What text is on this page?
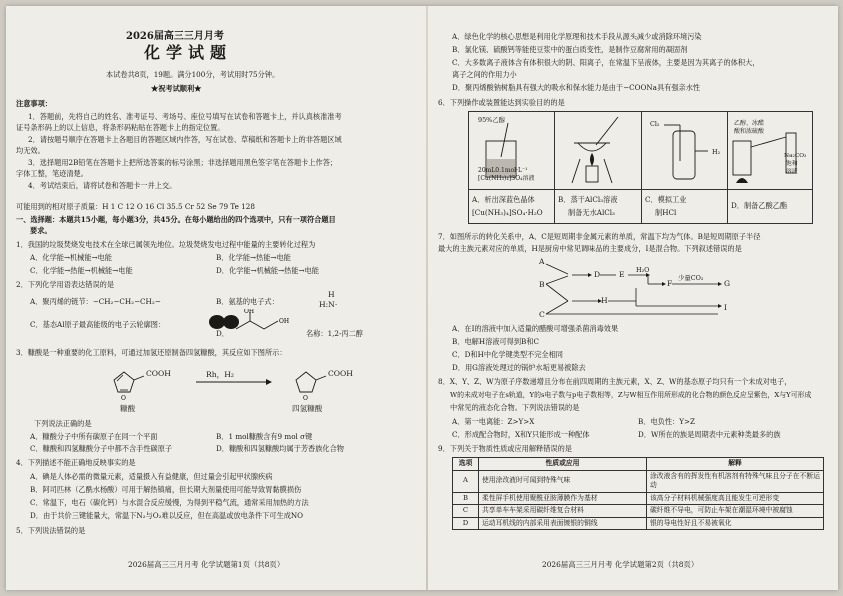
2026届高三三月月考
化学试题
本试卷共8页，19题。满分100分，考试用时75分钟。
★祝考试顺利★
注意事项：
1．答题前，先将自己的姓名、准考证号、考场号、座位号填写在试卷和答题卡上，并认真核准准考
证号条形码上的以上信息，将条形码粘贴在答题卡上的指定位置。
2．请按题号顺序在答题卡上各题目的答题区域内作答，写在试卷、草稿纸和答题卡上的非答题区域
均无效。
3．选择题用2B铅笔在答题卡上把所选答案的标号涂黑；非选择题用黑色签字笔在答题卡上作答；
字体工整，笔迹清楚。
4．考试结束后，请将试卷和答题卡一并上交。
可能用到的相对原子质量：H 1 C 12 O 16 Cl 35.5 Cr 52 Se 79 Te 128
一、选择题：本题共15小题，每小题3分，共45分。在每小题给出的四个选项中，只有一项符合题目
要求。
1．我国的垃圾焚烧发电技术在全球已属领先地位。垃圾焚烧发电过程中能量的主要转化过程为
A．化学能→机械能→电能	B．化学能→热能→电能
C．化学能→热能→机械能→电能	D．化学能→机械能→热能→电能
2．下列化学用语表达错误的是
A．聚丙烯的链节：−CH₂−CH₂−CH₂−	B．氨基的电子式：
H
H:N·
C．基态Al原子最高能级的电子云轮廓图：
D．
OH
OH
名称：1,2-丙二醇
3．糠酸是一种重要的化工原料，可通过加氢还原制备四氢糠酸，其反应如下图所示：
O	O
COOH	Rh，H₂	COOH
糠酸	四氢糠酸
下列说法正确的是
A．糠酸分子中所有碳原子在同一个平面	B．1 mol糠酸含有9 mol σ键
C．糠酸和四氢糠酸分子中都不含手性碳原子	D．糠酸和四氢糠酸均属于芳香族化合物
4．下列描述不能正确地反映事实的是
A．碘是人体必需的微量元素，适量摄入有益健康，但过量会引起甲状腺疾病
B．阿司匹林（乙酰水杨酸）可用于解热镇痛，但长期大剂量使用可能导致胃黏膜损伤
C．常温下，电石（碳化钙）与水混合反应缓慢，为得到平稳气流，通常采用加热的方法
D．由于共价三键能量大，常温下N₂与O₂难以反应，但在高温或放电条件下可生成NO
5．下列说法错误的是
2026届高三三月月考 化学试题第1页（共8页）
A．绿色化学的核心思想是利用化学原理和技术手段从源头减少或消除环境污染
B．氯化镁、硫酸钙等能使豆浆中的蛋白质变性，是制作豆腐常用的凝固剂
C．大多数离子液体含有体积很大的阴、阳离子，在常温下呈液体，主要是因为其离子的体积大，
离子之间的作用力小
D．聚丙烯酸钠树脂具有强大的吸水和保水能力是由于−COONa具有强亲水性
6．下列操作或装置能达到实验目的的是
95%乙醇
20mL0.1mol·L⁻¹
[Cu(NH₃)₄]SO₄溶液
Cl₂
H₂
乙醇、冰醋
酸和浓硫酸
Na₂CO₃
饱和
溶液
A．析出深蓝色晶体
[Cu(NH₃)₄]SO₄·H₂O
B．蒸干AlCl₃溶液
制备无水AlCl₃
C．模拟工业
制HCl
D．制备乙酸乙酯
7．如图所示的转化关系中，A、C是短周期非金属元素的单质，常温下均为气体。B是短周期原子半径
最大的主族元素对应的单质，H是厨房中常见调味品的主要成分，I是混合物。下列叙述错误的是
A
B
C
D E
F	G
H
I
H₂O
少量CO₂
A．在I的溶液中加入适量的醋酸可增强杀菌消毒效果
B．电解H溶液可得到B和C
C．D和H中化学键类型不完全相同
D．用G溶液处理过的锅炉水垢更易被除去
8．X、Y、Z、W为原子序数递增且分布在前四周期的主族元素，X、Z、W的基态原子均只有一个未成对电子，
W的未成对电子在s轨道，Y的s电子数与p电子数相等，Z与W相互作用所形成的化合物的颜色反应呈紫色，X与Y可形成
中常见的液态化合物。下列说法错误的是
A．第一电离能：Z>Y>X	B．电负性：Y>Z
C．形成配合物时，X和Y只能形成一种配体	D．W所在的族是周期表中元素种类最多的族
9．下列关于物质性质或应用解释错误的是
选项	性质或应用	解释
A	使用涂改液时可闻到特殊气味	涂改液含有的挥发性有机溶剂有特殊气味且分子在不断运动
B	柔性屏手机使用聚酰亚胺薄膜作为基材	该高分子材料机械强度高且能发生可逆形变
C	共享单车车架采用碳纤维复合材料	碳纤维不导电，可防止车架在潮湿环境中被腐蚀
D	运动耳机线的内部采用表面镀银的铜线	银的导电性好且不易被氧化
2026届高三三月月考 化学试题第2页（共8页）
